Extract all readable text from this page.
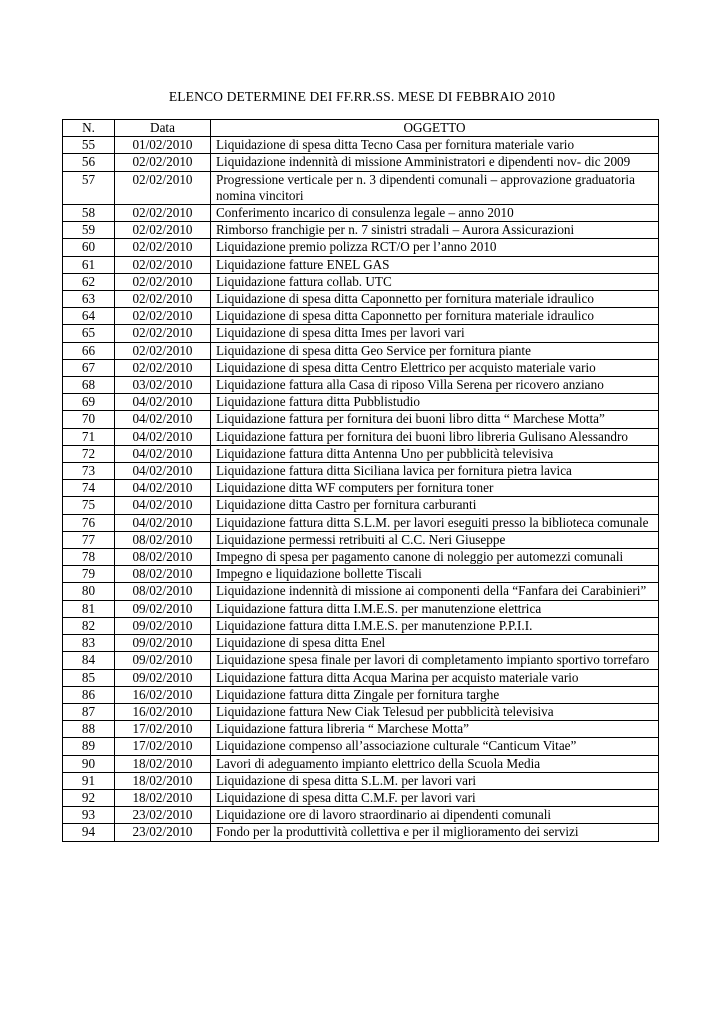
ELENCO DETERMINE DEI FF.RR.SS. MESE DI FEBBRAIO 2010
N.	Data	OGGETTO
55	01/02/2010	Liquidazione di spesa ditta Tecno Casa per fornitura materiale vario
56	02/02/2010	Liquidazione indennità di missione Amministratori e dipendenti nov- dic 2009
57	02/02/2010	Progressione verticale per n. 3 dipendenti comunali – approvazione graduatoria nomina vincitori
58	02/02/2010	Conferimento incarico di consulenza legale – anno 2010
59	02/02/2010	Rimborso franchigie per n. 7 sinistri stradali – Aurora Assicurazioni
60	02/02/2010	Liquidazione premio polizza RCT/O per l’anno 2010
61	02/02/2010	Liquidazione fatture ENEL GAS
62	02/02/2010	Liquidazione fattura collab. UTC
63	02/02/2010	Liquidazione di spesa ditta Caponnetto per fornitura materiale idraulico
64	02/02/2010	Liquidazione di spesa ditta Caponnetto per fornitura materiale idraulico
65	02/02/2010	Liquidazione di spesa ditta Imes per lavori vari
66	02/02/2010	Liquidazione di spesa ditta Geo Service per fornitura piante
67	02/02/2010	Liquidazione di spesa ditta Centro Elettrico per acquisto materiale vario
68	03/02/2010	Liquidazione fattura alla Casa di riposo Villa Serena per ricovero anziano
69	04/02/2010	Liquidazione fattura ditta Pubblistudio
70	04/02/2010	Liquidazione fattura per fornitura dei buoni libro ditta “ Marchese Motta”
71	04/02/2010	Liquidazione fattura per fornitura dei buoni libro libreria Gulisano Alessandro
72	04/02/2010	Liquidazione fattura ditta Antenna Uno per pubblicità televisiva
73	04/02/2010	Liquidazione fattura ditta Siciliana lavica per fornitura pietra lavica
74	04/02/2010	Liquidazione ditta WF computers per fornitura toner
75	04/02/2010	Liquidazione ditta Castro per fornitura carburanti
76	04/02/2010	Liquidazione fattura ditta S.L.M. per lavori eseguiti presso la biblioteca comunale
77	08/02/2010	Liquidazione permessi retribuiti al C.C. Neri Giuseppe
78	08/02/2010	Impegno di spesa per pagamento canone di noleggio per automezzi comunali
79	08/02/2010	Impegno e liquidazione bollette Tiscali
80	08/02/2010	Liquidazione indennità di missione ai componenti della “Fanfara dei Carabinieri”
81	09/02/2010	Liquidazione fattura ditta I.M.E.S. per manutenzione elettrica
82	09/02/2010	Liquidazione fattura ditta I.M.E.S. per manutenzione P.P.I.I.
83	09/02/2010	Liquidazione di spesa ditta Enel
84	09/02/2010	Liquidazione spesa finale per lavori di completamento impianto sportivo torrefaro
85	09/02/2010	Liquidazione fattura ditta Acqua Marina per acquisto materiale vario
86	16/02/2010	Liquidazione fattura ditta Zingale per fornitura targhe
87	16/02/2010	Liquidazione fattura New Ciak Telesud per pubblicità televisiva
88	17/02/2010	Liquidazione fattura libreria “ Marchese Motta”
89	17/02/2010	Liquidazione compenso all’associazione culturale “Canticum Vitae”
90	18/02/2010	Lavori di adeguamento impianto elettrico della Scuola Media
91	18/02/2010	Liquidazione di spesa ditta S.L.M. per lavori vari
92	18/02/2010	Liquidazione di spesa ditta C.M.F. per lavori vari
93	23/02/2010	Liquidazione ore di lavoro straordinario ai dipendenti comunali
94	23/02/2010	Fondo per la produttività collettiva e per il miglioramento dei servizi
